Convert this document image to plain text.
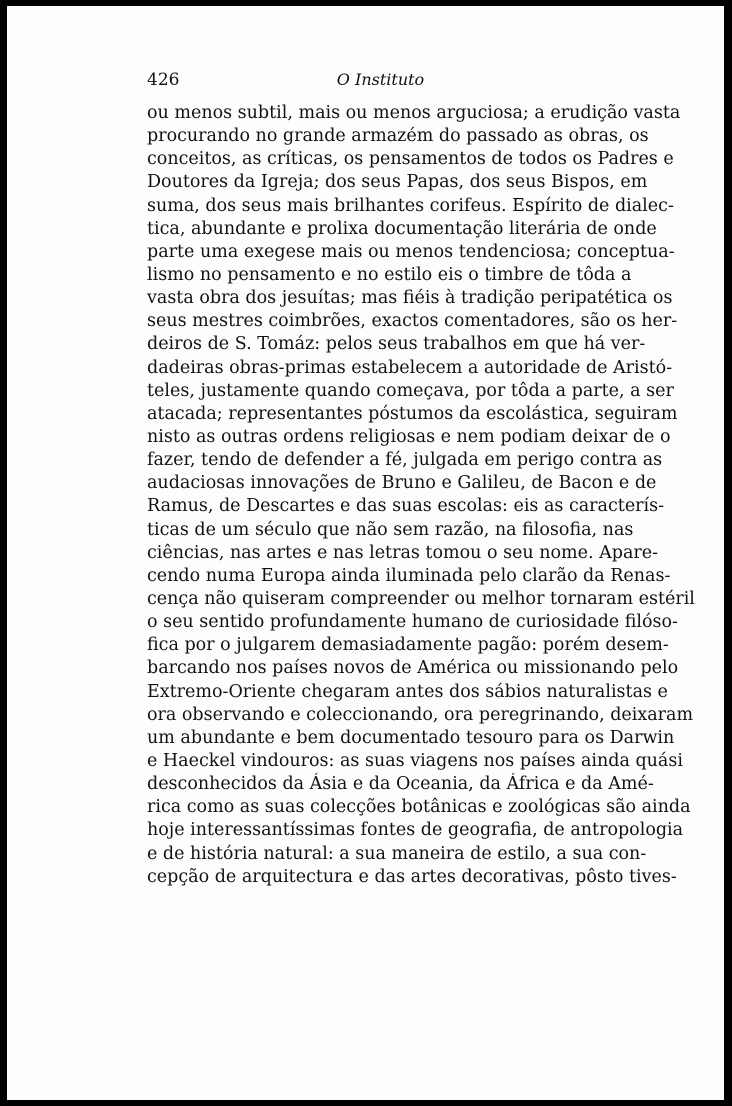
426	O Instituto
ou menos subtil, mais ou menos arguciosa; a erudição vasta
procurando no grande armazém do passado as obras, os
conceitos, as críticas, os pensamentos de todos os Padres e
Doutores da Igreja; dos seus Papas, dos seus Bispos, em
suma, dos seus mais brilhantes corifeus. Espírito de dialec-
tica, abundante e prolixa documentação literária de onde
parte uma exegese mais ou menos tendenciosa; conceptua-
lismo no pensamento e no estilo eis o timbre de tôda a
vasta obra dos jesuítas; mas fiéis à tradição peripatética os
seus mestres coimbrões, exactos comentadores, são os her-
deiros de S. Tomáz: pelos seus trabalhos em que há ver-
dadeiras obras-primas estabelecem a autoridade de Aristó-
teles, justamente quando começava, por tôda a parte, a ser
atacada; representantes póstumos da escolástica, seguiram
nisto as outras ordens religiosas e nem podiam deixar de o
fazer, tendo de defender a fé, julgada em perigo contra as
audaciosas innovações de Bruno e Galileu, de Bacon e de
Ramus, de Descartes e das suas escolas: eis as caracterís-
ticas de um século que não sem razão, na filosofia, nas
ciências, nas artes e nas letras tomou o seu nome. Apare-
cendo numa Europa ainda iluminada pelo clarão da Renas-
cença não quiseram compreender ou melhor tornaram estéril
o seu sentido profundamente humano de curiosidade filóso-
fica por o julgarem demasiadamente pagão: porém desem-
barcando nos países novos de América ou missionando pelo
Extremo-Oriente chegaram antes dos sábios naturalistas e
ora observando e coleccionando, ora peregrinando, deixaram
um abundante e bem documentado tesouro para os Darwin
e Haeckel vindouros: as suas viagens nos países ainda quási
desconhecidos da Ásia e da Oceania, da África e da Amé-
rica como as suas colecções botânicas e zoológicas são ainda
hoje interessantíssimas fontes de geografia, de antropologia
e de história natural: a sua maneira de estilo, a sua con-
cepção de arquitectura e das artes decorativas, pôsto tives-
